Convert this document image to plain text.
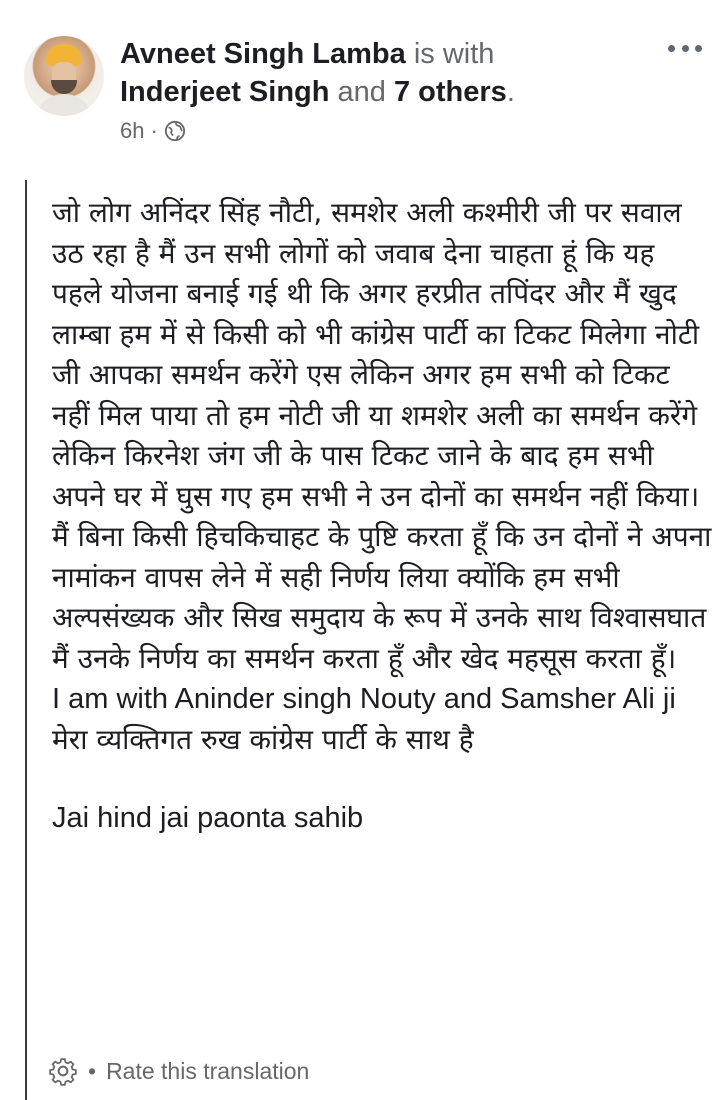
Avneet Singh Lamba is with
Inderjeet Singh and 7 others.
6h ·
जो लोग अनिंदर सिंह नौटी, समशेर अली कश्मीरी जी पर सवाल उठ रहा है मैं उन सभी लोगों को जवाब देना चाहता हूं कि यह पहले योजना बनाई गई थी कि अगर हरप्रीत तपिंदर और मैं खुद लाम्बा हम में से किसी को भी कांग्रेस पार्टी का टिकट मिलेगा नोटी जी आपका समर्थन करेंगे एस लेकिन अगर हम सभी को टिकट नहीं मिल पाया तो हम नोटी जी या शमशेर अली का समर्थन करेंगे लेकिन किरनेश जंग जी के पास टिकट जाने के बाद हम सभी अपने घर में घुस गए हम सभी ने उन दोनों का समर्थन नहीं किया। मैं बिना किसी हिचकिचाहट के पुष्टि करता हूँ कि उन दोनों ने अपना नामांकन वापस लेने में सही निर्णय लिया क्योंकि हम सभी अल्पसंख्यक और सिख समुदाय के रूप में उनके साथ विश्वासघात मैं उनके निर्णय का समर्थन करता हूँ और खेद महसूस करता हूँ।
I am with Aninder singh Nouty and Samsher Ali ji
मेरा व्यक्तिगत रुख कांग्रेस पार्टी के साथ है
Jai hind jai paonta sahib
• Rate this translation
